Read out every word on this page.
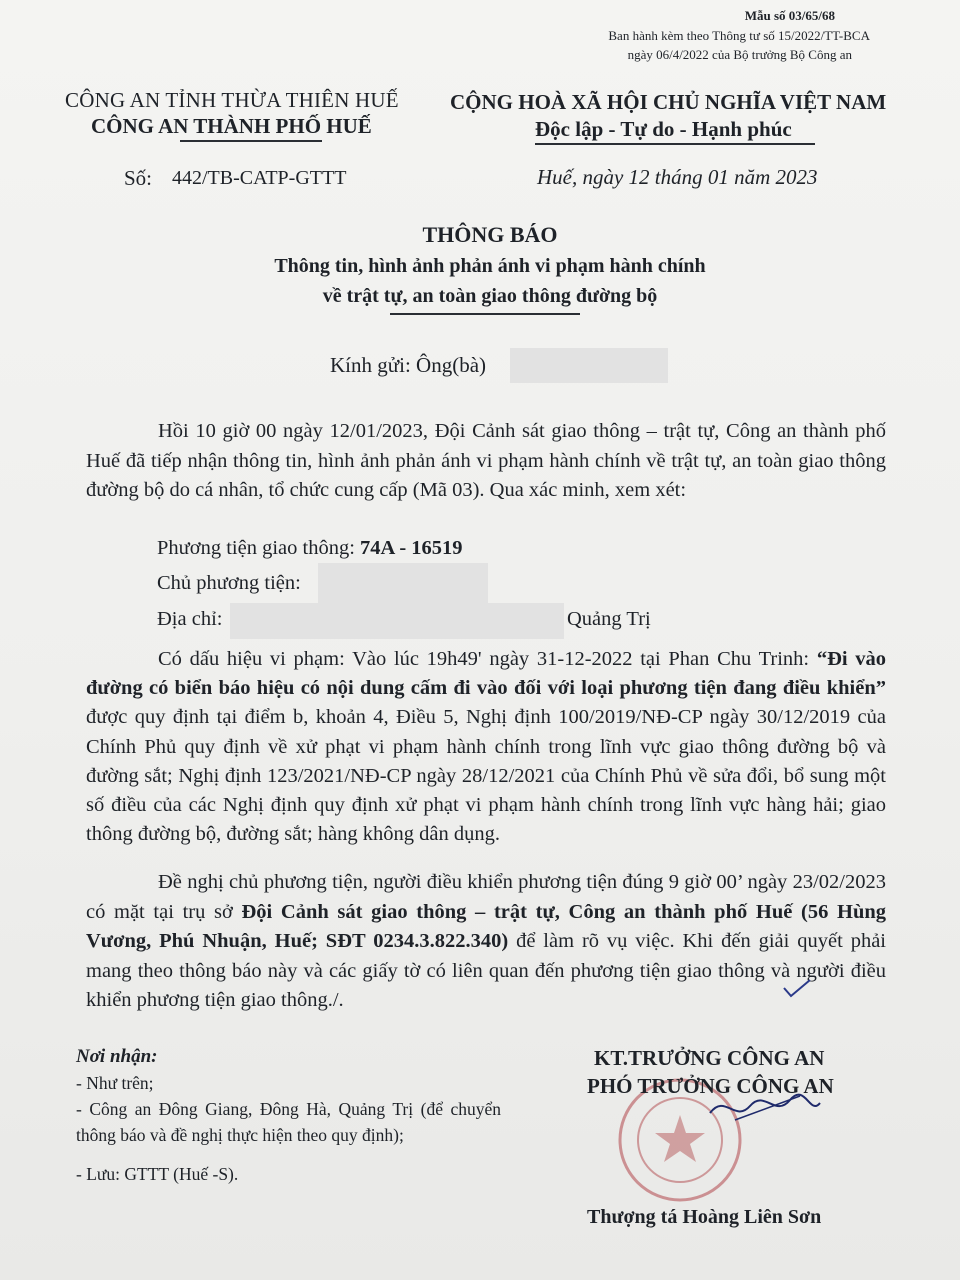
Mẫu số 03/65/68
Ban hành kèm theo Thông tư số 15/2022/TT-BCA
ngày 06/4/2022 của Bộ trưởng Bộ Công an
CÔNG AN TỈNH THỪA THIÊN HUẾ
CÔNG AN THÀNH PHỐ HUẾ
CỘNG HOÀ XÃ HỘI CHỦ NGHĨA VIỆT NAM
Độc lập - Tự do - Hạnh phúc
Số: 442/TB-CATP-GTTT	Huế, ngày 12 tháng 01 năm 2023
THÔNG BÁO
Thông tin, hình ảnh phản ánh vi phạm hành chính
về trật tự, an toàn giao thông đường bộ
Kính gửi: Ông(bà)
Hồi 10 giờ 00 ngày 12/01/2023, Đội Cảnh sát giao thông – trật tự, Công an thành phố Huế đã tiếp nhận thông tin, hình ảnh phản ánh vi phạm hành chính về trật tự, an toàn giao thông đường bộ do cá nhân, tổ chức cung cấp (Mã 03). Qua xác minh, xem xét:
Phương tiện giao thông: 74A - 16519
Chủ phương tiện:
Địa chỉ:	Quảng Trị
Có dấu hiệu vi phạm: Vào lúc 19h49' ngày 31-12-2022 tại Phan Chu Trinh: “Đi vào đường có biển báo hiệu có nội dung cấm đi vào đối với loại phương tiện đang điều khiển” được quy định tại điểm b, khoản 4, Điều 5, Nghị định 100/2019/NĐ-CP ngày 30/12/2019 của Chính Phủ quy định về xử phạt vi phạm hành chính trong lĩnh vực giao thông đường bộ và đường sắt; Nghị định 123/2021/NĐ-CP ngày 28/12/2021 của Chính Phủ về sửa đổi, bổ sung một số điều của các Nghị định quy định xử phạt vi phạm hành chính trong lĩnh vực hàng hải; giao thông đường bộ, đường sắt; hàng không dân dụng.
Đề nghị chủ phương tiện, người điều khiển phương tiện đúng 9 giờ 00’ ngày 23/02/2023 có mặt tại trụ sở Đội Cảnh sát giao thông – trật tự, Công an thành phố Huế (56 Hùng Vương, Phú Nhuận, Huế; SĐT 0234.3.822.340) để làm rõ vụ việc. Khi đến giải quyết phải mang theo thông báo này và các giấy tờ có liên quan đến phương tiện giao thông và người điều khiển phương tiện giao thông./.
Nơi nhận:
- Như trên;
- Công an Đông Giang, Đông Hà, Quảng Trị (để chuyển thông báo và đề nghị thực hiện theo quy định);
- Lưu: GTTT (Huế -S).
KT.TRƯỞNG CÔNG AN
PHÓ TRƯỞNG CÔNG AN
Thượng tá Hoàng Liên Sơn
